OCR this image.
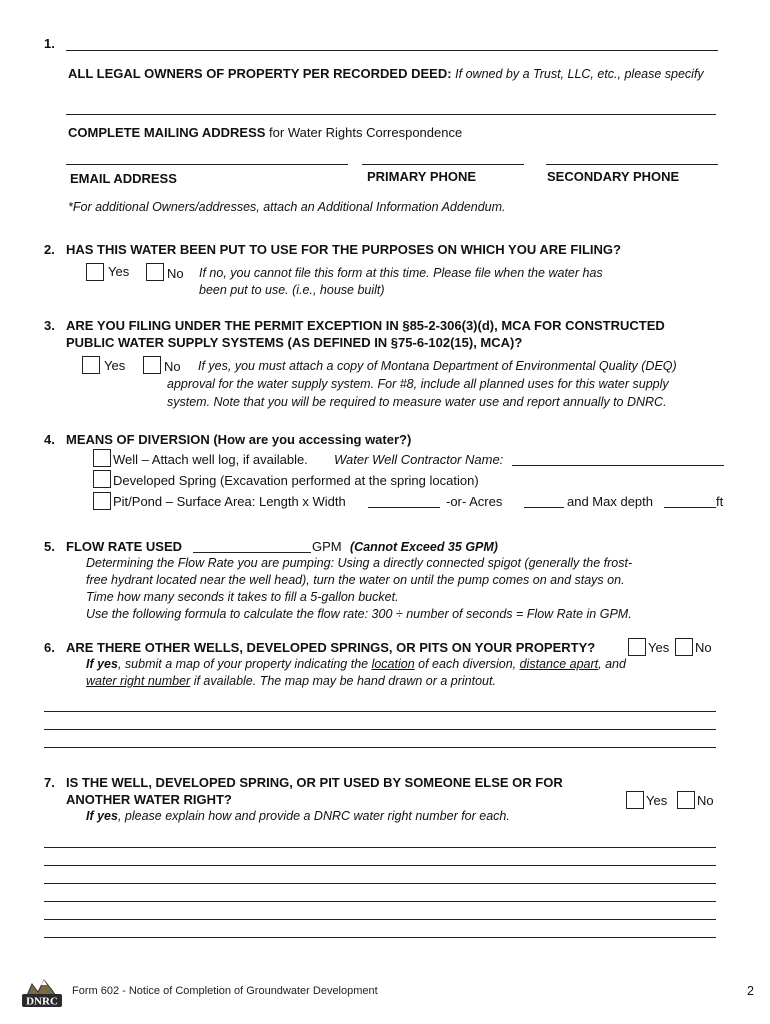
1.
ALL LEGAL OWNERS OF PROPERTY PER RECORDED DEED: If owned by a Trust, LLC, etc., please specify
COMPLETE MAILING ADDRESS for Water Rights Correspondence
EMAIL ADDRESS	PRIMARY PHONE	SECONDARY PHONE
*For additional Owners/addresses, attach an Additional Information Addendum.
2. HAS THIS WATER BEEN PUT TO USE FOR THE PURPOSES ON WHICH YOU ARE FILING?
Yes	No If no, you cannot file this form at this time. Please file when the water has
been put to use. (i.e., house built)
3. ARE YOU FILING UNDER THE PERMIT EXCEPTION IN §85-2-306(3)(d), MCA FOR CONSTRUCTED
PUBLIC WATER SUPPLY SYSTEMS (AS DEFINED IN §75-6-102(15), MCA)?
Yes	No If yes, you must attach a copy of Montana Department of Environmental Quality (DEQ)
approval for the water supply system. For #8, include all planned uses for this water supply
system. Note that you will be required to measure water use and report annually to DNRC.
4. MEANS OF DIVERSION (How are you accessing water?)
Well – Attach well log, if available. Water Well Contractor Name:
Developed Spring (Excavation performed at the spring location)
Pit/Pond – Surface Area: Length x Width	-or- Acres	and Max depth	ft
5. FLOW RATE USED	GPM (Cannot Exceed 35 GPM)
Determining the Flow Rate you are pumping: Using a directly connected spigot (generally the frost-
free hydrant located near the well head), turn the water on until the pump comes on and stays on.
Time how many seconds it takes to fill a 5-gallon bucket.
Use the following formula to calculate the flow rate: 300 ÷ number of seconds = Flow Rate in GPM.
6. ARE THERE OTHER WELLS, DEVELOPED SPRINGS, OR PITS ON YOUR PROPERTY?	Yes No
If yes, submit a map of your property indicating the location of each diversion, distance apart, and
water right number if available. The map may be hand drawn or a printout.
7. IS THE WELL, DEVELOPED SPRING, OR PIT USED BY SOMEONE ELSE OR FOR
ANOTHER WATER RIGHT?	Yes No
If yes, please explain how and provide a DNRC water right number for each.
DNRC
Form 602 - Notice of Completion of Groundwater Development	2
